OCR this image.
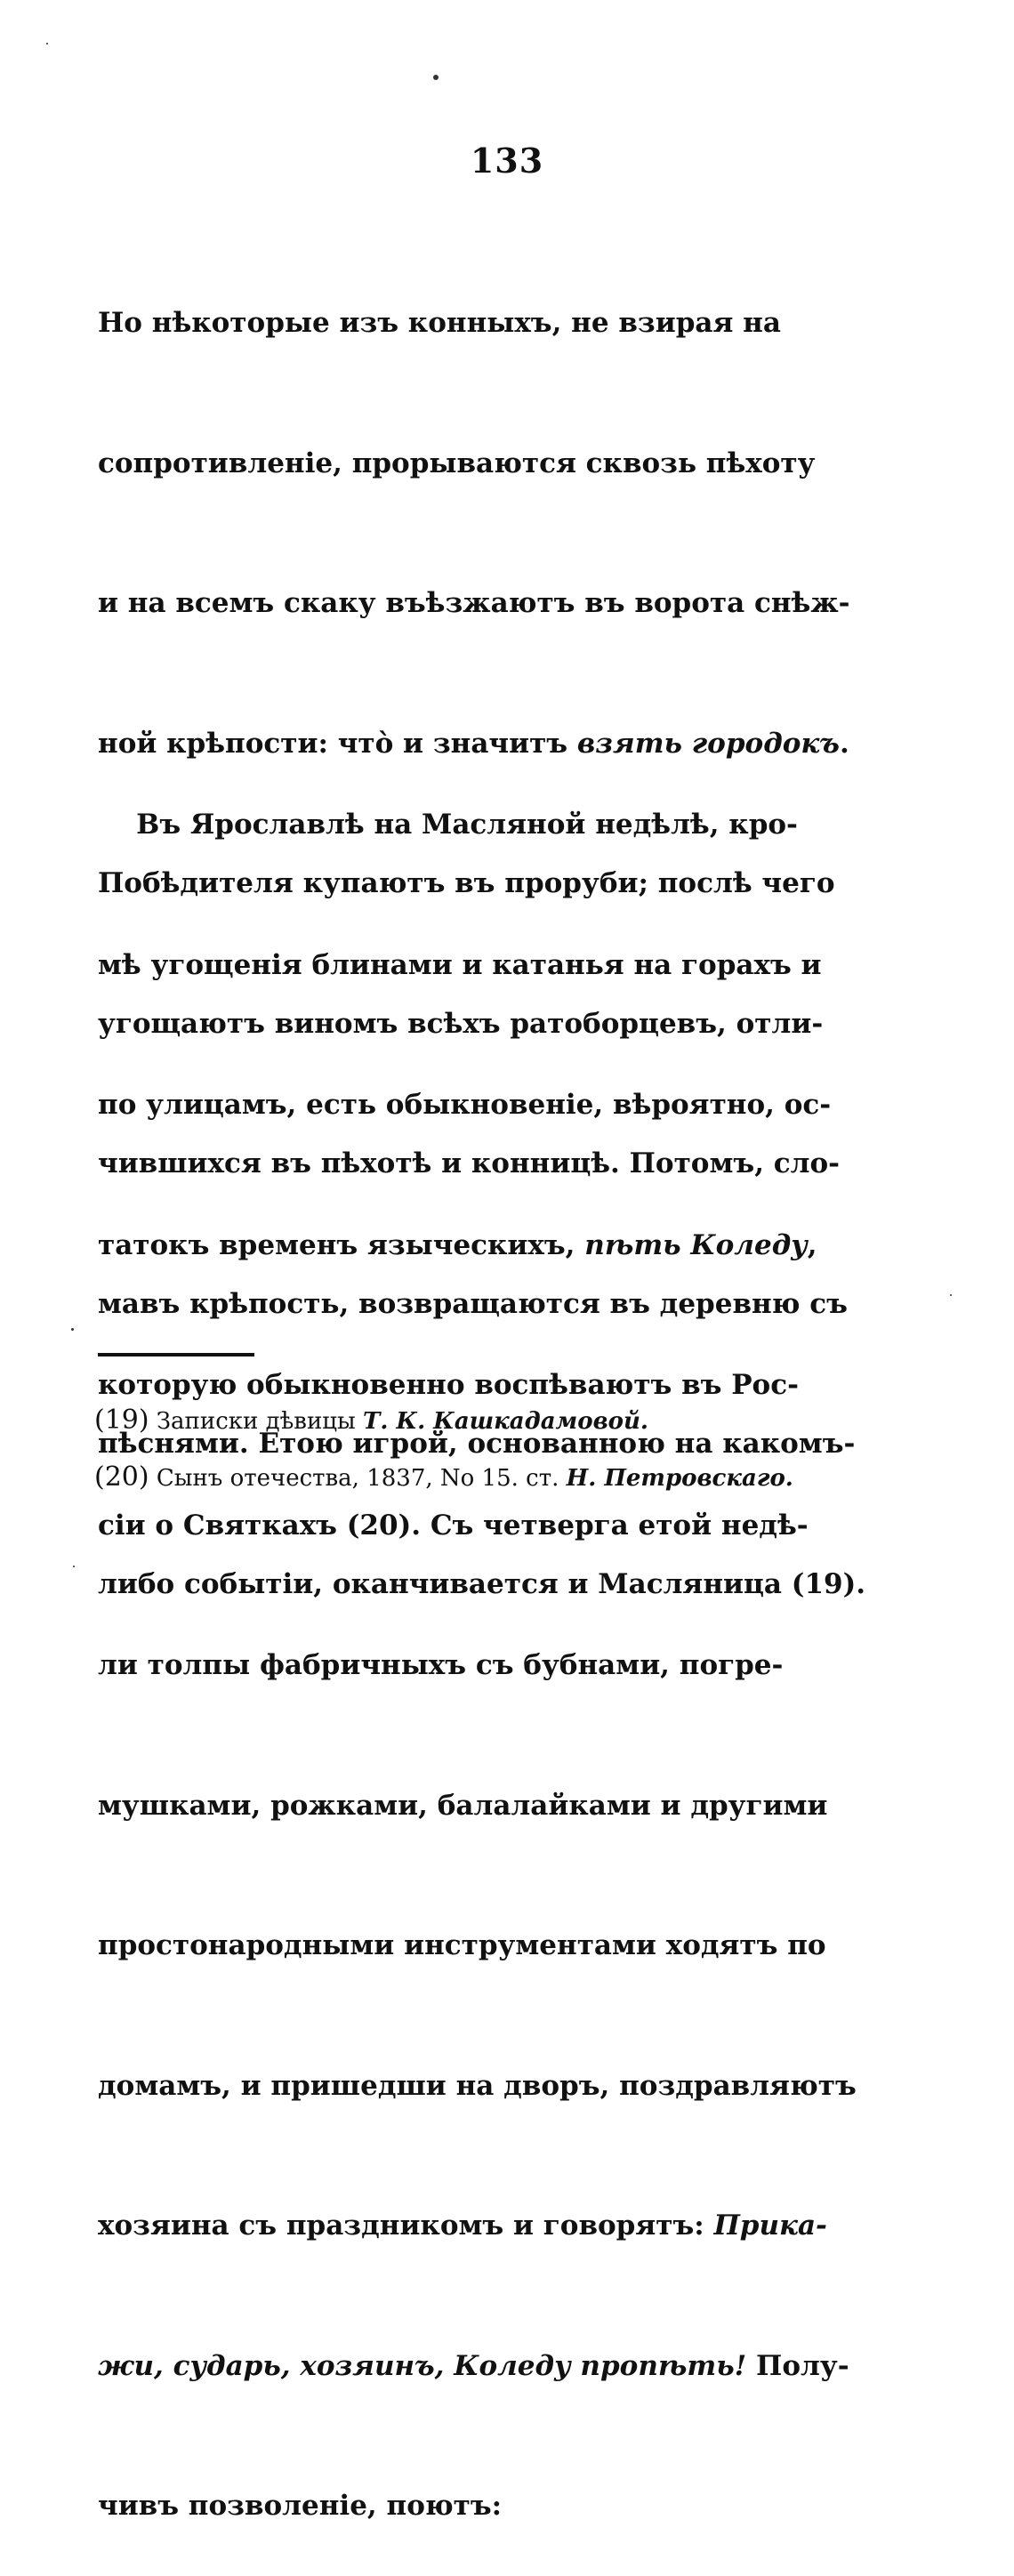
133

Но нѣкоторые изъ конныхъ, не взирая на

сопротивленіе, прорываются сквозь пѣхоту

и на всемъ скаку въѣзжаютъ въ ворота снѣж-

ной крѣпости: что̀ и значитъ взять городокъ.

Побѣдителя купаютъ въ проруби; послѣ чего

угощаютъ виномъ всѣхъ ратоборцевъ, отли-

чившихся въ пѣхотѣ и конницѣ. Потомъ, сло-

мавъ крѣпость, возвращаются въ деревню съ

пѣснями. Етою игрой, основанною на какомъ-

либо событіи, оканчивается и Масляница (19).

Въ Ярославлѣ на Масляной недѣлѣ, кро-

мѣ угощенія блинами и катанья на горахъ и

по улицамъ, есть обыкновеніе, вѣроятно, ос-

татокъ временъ языческихъ, пѣть Коледу,

которую обыкновенно воспѣваютъ въ Рос-

сіи о Святкахъ (20). Съ четверга етой недѣ-

ли толпы фабричныхъ съ бубнами, погре-

мушками, рожками, балалайками и другими

простонародными инструментами ходятъ по

домамъ, и пришедши на дворъ, поздравляютъ

хозяина съ праздникомъ и говорятъ: Прика-

жи, сударь, хозяинъ, Коледу пропѣть! Полу-

чивъ позволеніе, поютъ:

(19) Записки дѣвицы Т. К. Кашкадамовой.
(20) Сынъ отечества, 1837, No 15. ст. Н. Петровскаго.
